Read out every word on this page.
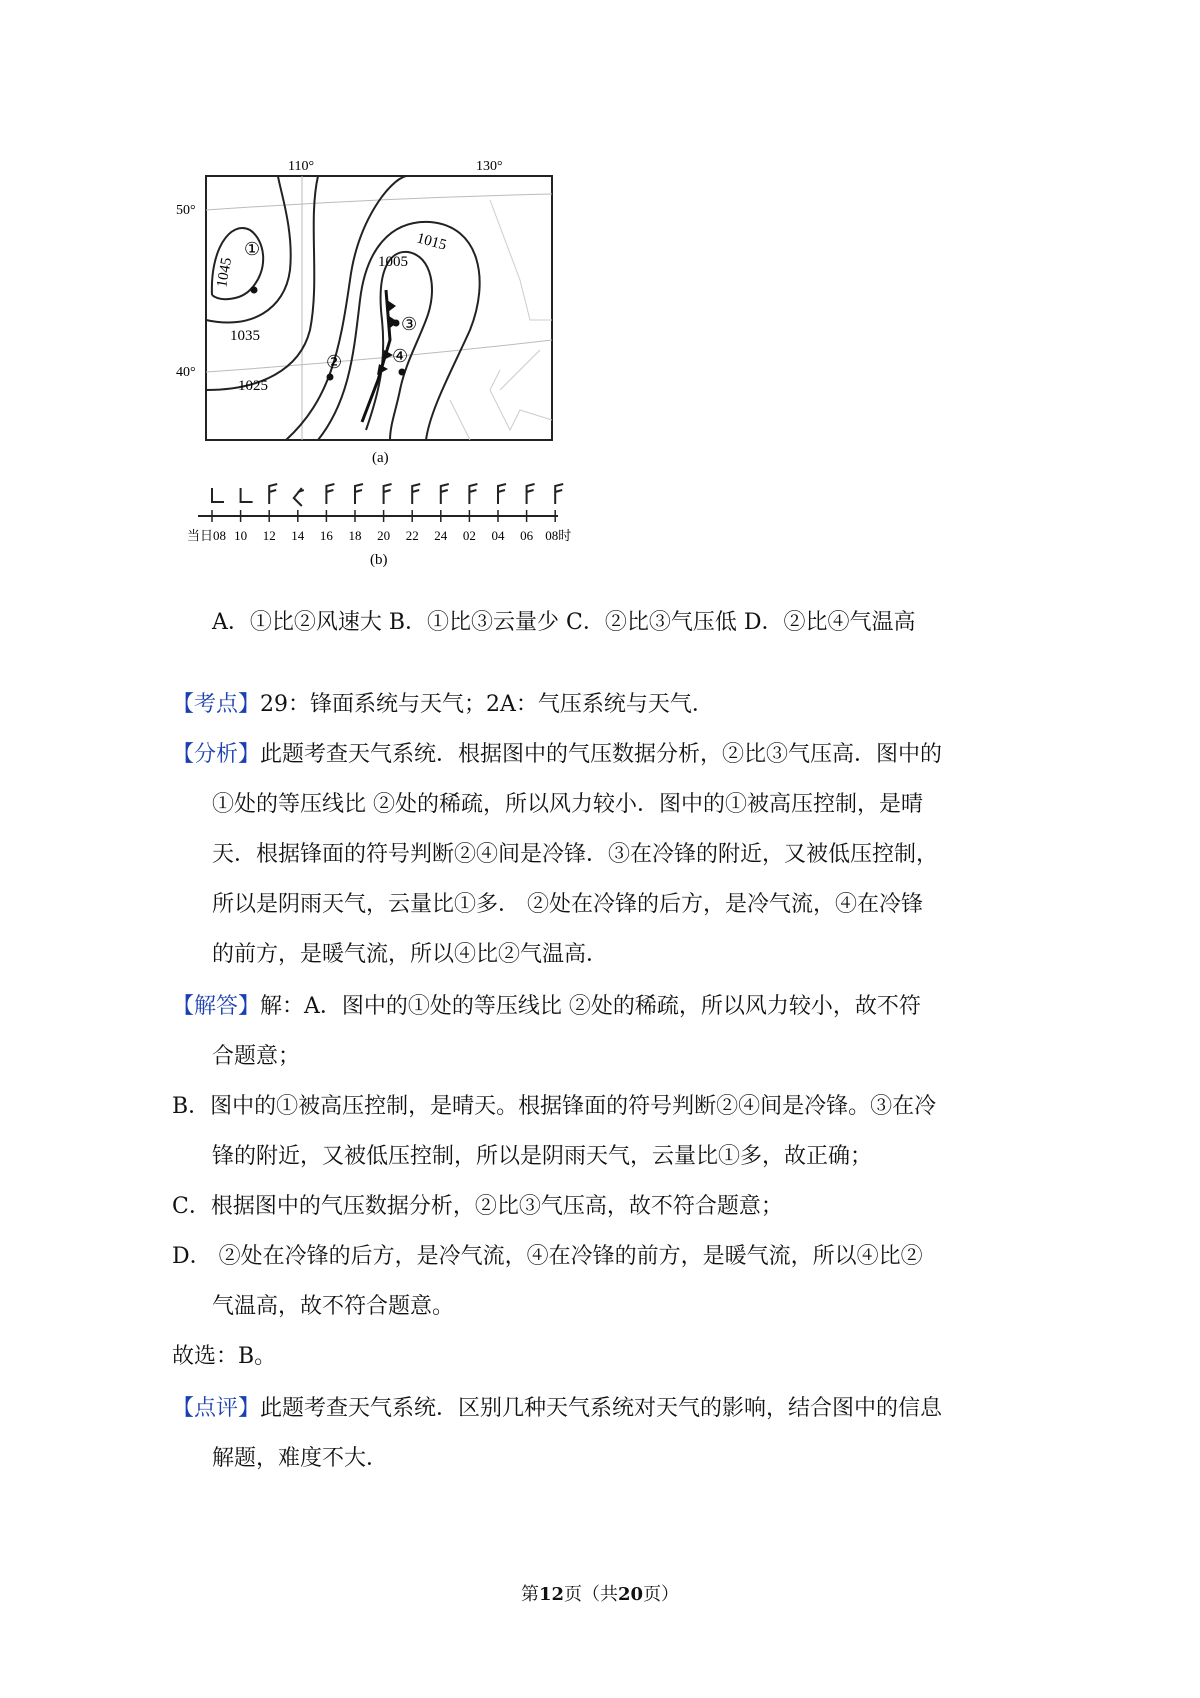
1045
1035
1025
1015
1005
①
②
③
④
110°	130°
50°
40°
(a)
当日08 10 12 14 16 18 20 22 24 02 04 06 08时
(b)
A．①比②风速大 B．①比③云量少 C．②比③气压低 D．②比④气温高
【考点】29：锋面系统与天气；2A：气压系统与天气．
【分析】此题考查天气系统．根据图中的气压数据分析，②比③气压高．图中的
①处的等压线比 ②处的稀疏，所以风力较小．图中的①被高压控制，是晴
天．根据锋面的符号判断②④间是冷锋．③在冷锋的附近，又被低压控制，
所以是阴雨天气，云量比①多． ②处在冷锋的后方，是冷气流，④在冷锋
的前方，是暖气流，所以④比②气温高．
【解答】解：A．图中的①处的等压线比 ②处的稀疏，所以风力较小，故不符
合题意；
B．图中的①被高压控制，是晴天。根据锋面的符号判断②④间是冷锋。③在冷
锋的附近，又被低压控制，所以是阴雨天气，云量比①多，故正确；
C．根据图中的气压数据分析，②比③气压高，故不符合题意；
D． ②处在冷锋的后方，是冷气流，④在冷锋的前方，是暖气流，所以④比②
气温高，故不符合题意。
故选：B。
【点评】此题考查天气系统．区别几种天气系统对天气的影响，结合图中的信息
解题，难度不大．
第12页（共20页）
